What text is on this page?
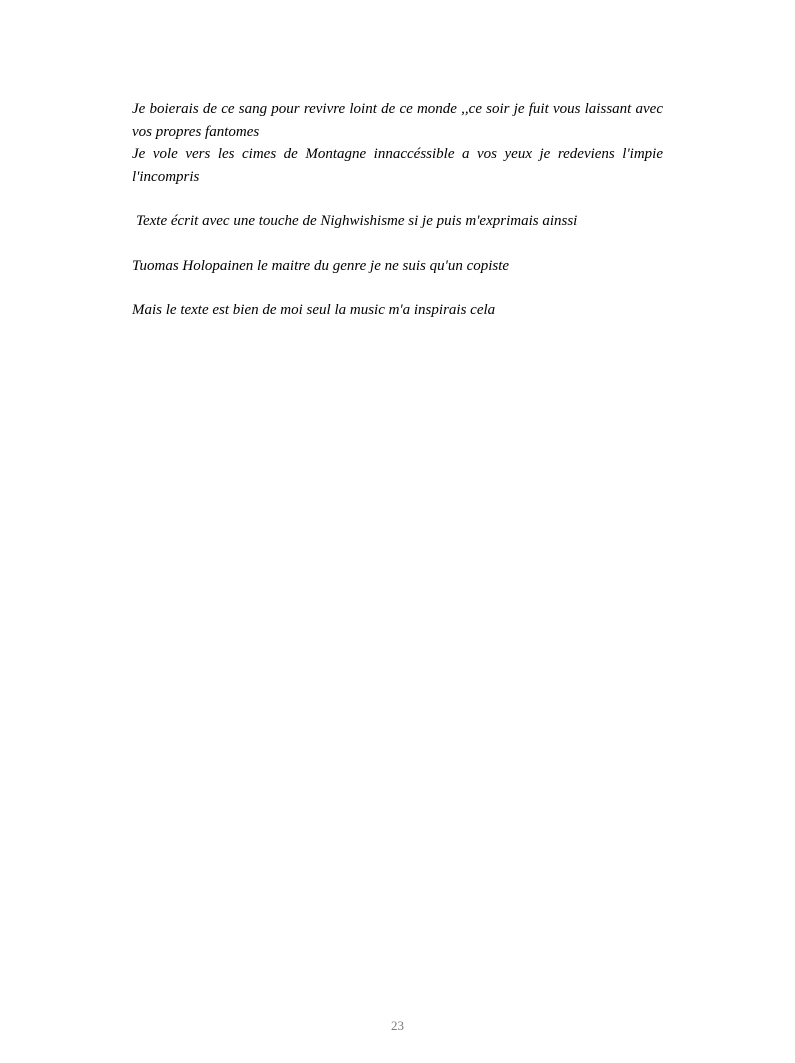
Je boierais de ce sang pour revivre loint de ce monde ,,ce soir je fuit vous laissant avec vos propres fantomes

Je vole vers les cimes de Montagne innaccéssible a vos yeux je redeviens l'impie l'incompris

Texte écrit avec une touche de Nighwishisme si je puis m'exprimais ainssi

Tuomas Holopainen le maitre du genre je ne suis qu'un copiste

Mais le texte est bien de moi seul la music m'a inspirais cela

23
